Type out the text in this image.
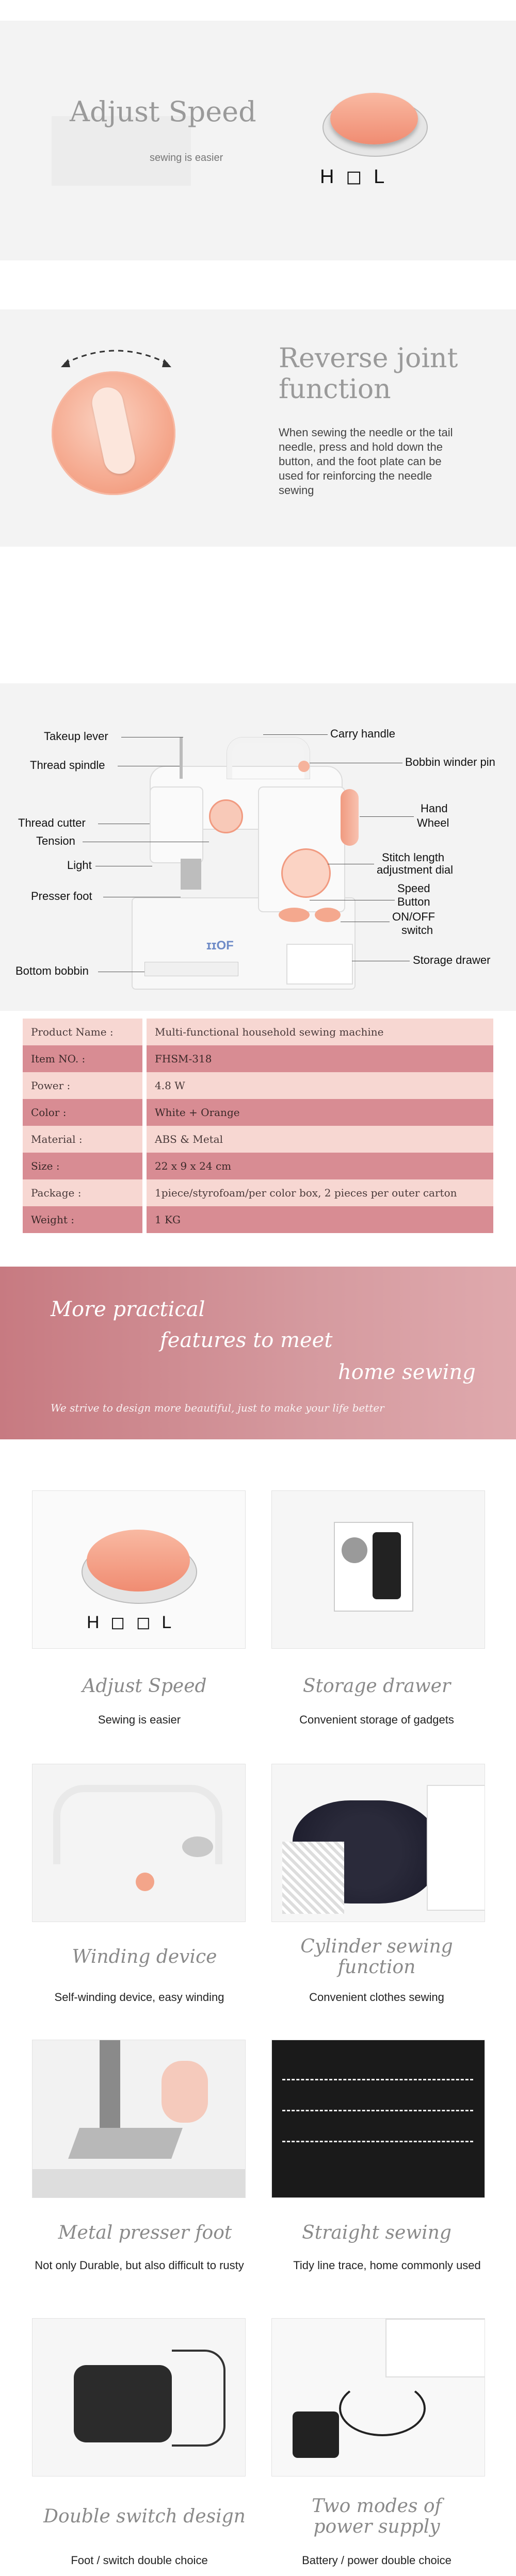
Adjust Speed
sewing is easier
H ◻ L
Reverse joint
function
When sewing the needle or the tail needle, press and hold down the button, and the foot plate can be used for reinforcing the needle sewing
ɪɪOF
Takeup lever
Thread spindle
Thread cutter
Tension
Light
Presser foot
Bottom bobbin
Carry handle
Bobbin winder pin
Hand
Wheel
Stitch length
adjustment dial
Speed
Button
ON/OFF
switch
Storage drawer
Product Name :	Multi-functional household sewing machine
Item NO. :	FHSM-318
Power :	4.8 W
Color :	White + Orange
Material :	ABS & Metal
Size :	22 x 9 x 24 cm
Package :	1piece/styrofoam/per color box, 2 pieces per outer carton
Weight :	1 KG
More practical
features to meet
home sewing
We strive to design more beautiful, just to make your life better
H ◻ ◻ L
Adjust Speed
Sewing is easier
Storage drawer
Convenient storage of gadgets
Winding device
Self-winding device, easy winding
Cylinder sewing function
Convenient clothes sewing
Metal presser foot
Not only Durable, but also difficult to rusty
Straight sewing
Tidy line trace, home commonly used
Double switch design
Foot / switch double choice
Two modes of power supply
Battery / power double choice
